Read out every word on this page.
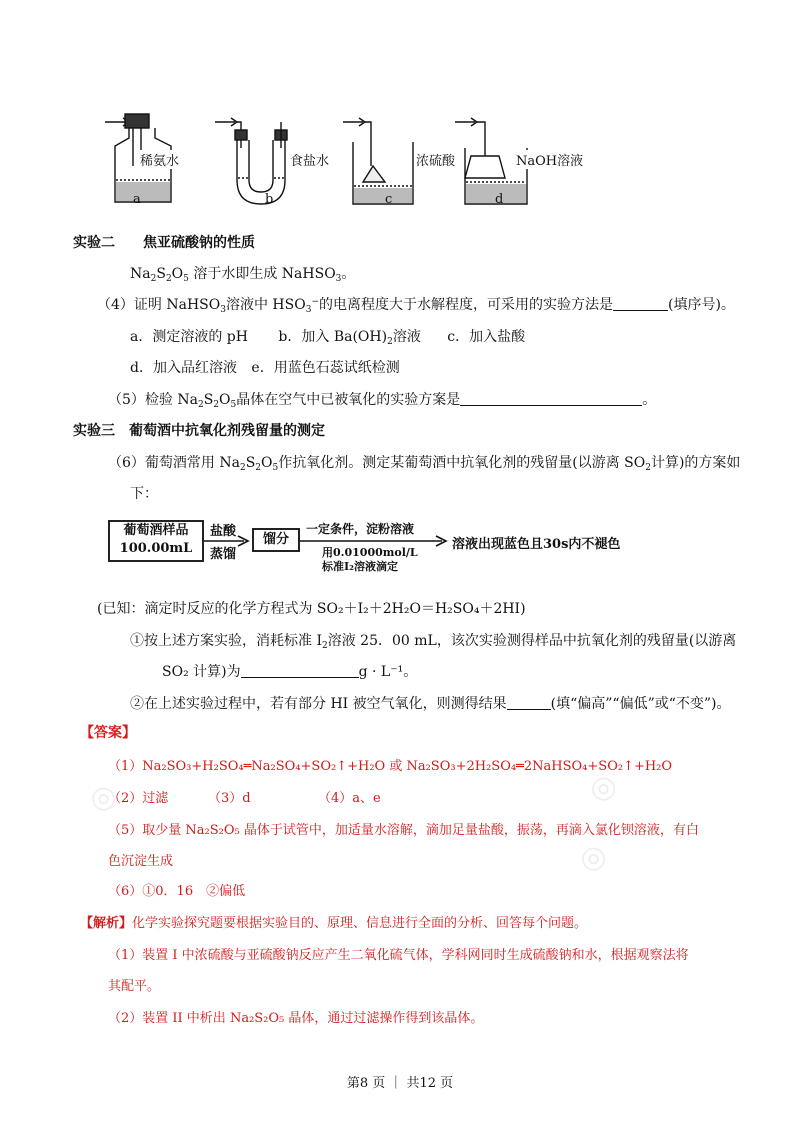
稀氨水	食盐水	浓硫酸	NaOH溶液
a	b	c	d
实验二　　焦亚硫酸钠的性质
$Na_2S_2O_5$ 溶于水即生成 NaHSO$_3$。
（4）证明 NaHSO$_3$溶液中 $HSO_3^-$的电离程度大于水解程度，可采用的实验方法是	(填序号)。
a．测定溶液的 pH b．加入 $Ba(OH)_2$溶液 c．加入盐酸
d．加入品红溶液 e．用蓝色石蕊试纸检测
（5）检验 $Na_2S_2O_5$晶体在空气中已被氧化的实验方案是	。
实验三　葡萄酒中抗氧化剂残留量的测定
（6）葡萄酒常用 $Na_2S_2O_5$作抗氧化剂。测定某葡萄酒中抗氧化剂的残留量(以游离 $SO_2$计算)的方案如
下：
葡萄酒样品
100.00mL
盐酸
蒸馏
馏分
一定条件，淀粉溶液
用0.01000mol/L
标准I₂溶液滴定
溶液出现蓝色且30s内不褪色
(已知：滴定时反应的化学方程式为 SO₂＋I₂＋2H₂O＝H₂SO₄＋2HI)
①按上述方案实验，消耗标准 $I_2$溶液 25．00 mL，该次实验测得样品中抗氧化剂的残留量(以游离
SO₂ 计算)为	g · L⁻¹。
②在上述实验过程中，若有部分 HI 被空气氧化，则测得结果	(填“偏高”“偏低”或“不变”)。
【答案】
（1）Na₂SO₃+H₂SO₄═Na₂SO₄+SO₂↑+H₂O 或 Na₂SO₃+2H₂SO₄═2NaHSO₄+SO₂↑+H₂O
（2）过滤	（3）d	（4）a、e
（5）取少量 Na₂S₂O₅ 晶体于试管中，加适量水溶解，滴加足量盐酸，振荡，再滴入氯化钡溶液，有白
色沉淀生成
（6）①0．16　②偏低
【解析】化学实验探究题要根据实验目的、原理、信息进行全面的分析、回答每个问题。
（1）装置 I 中浓硫酸与亚硫酸钠反应产生二氧化硫气体，学科网同时生成硫酸钠和水，根据观察法将
其配平。
（2）装置 II 中析出 Na₂S₂O₅ 晶体，通过过滤操作得到该晶体。
◎	◎
◎
第8 页 ｜ 共12 页
